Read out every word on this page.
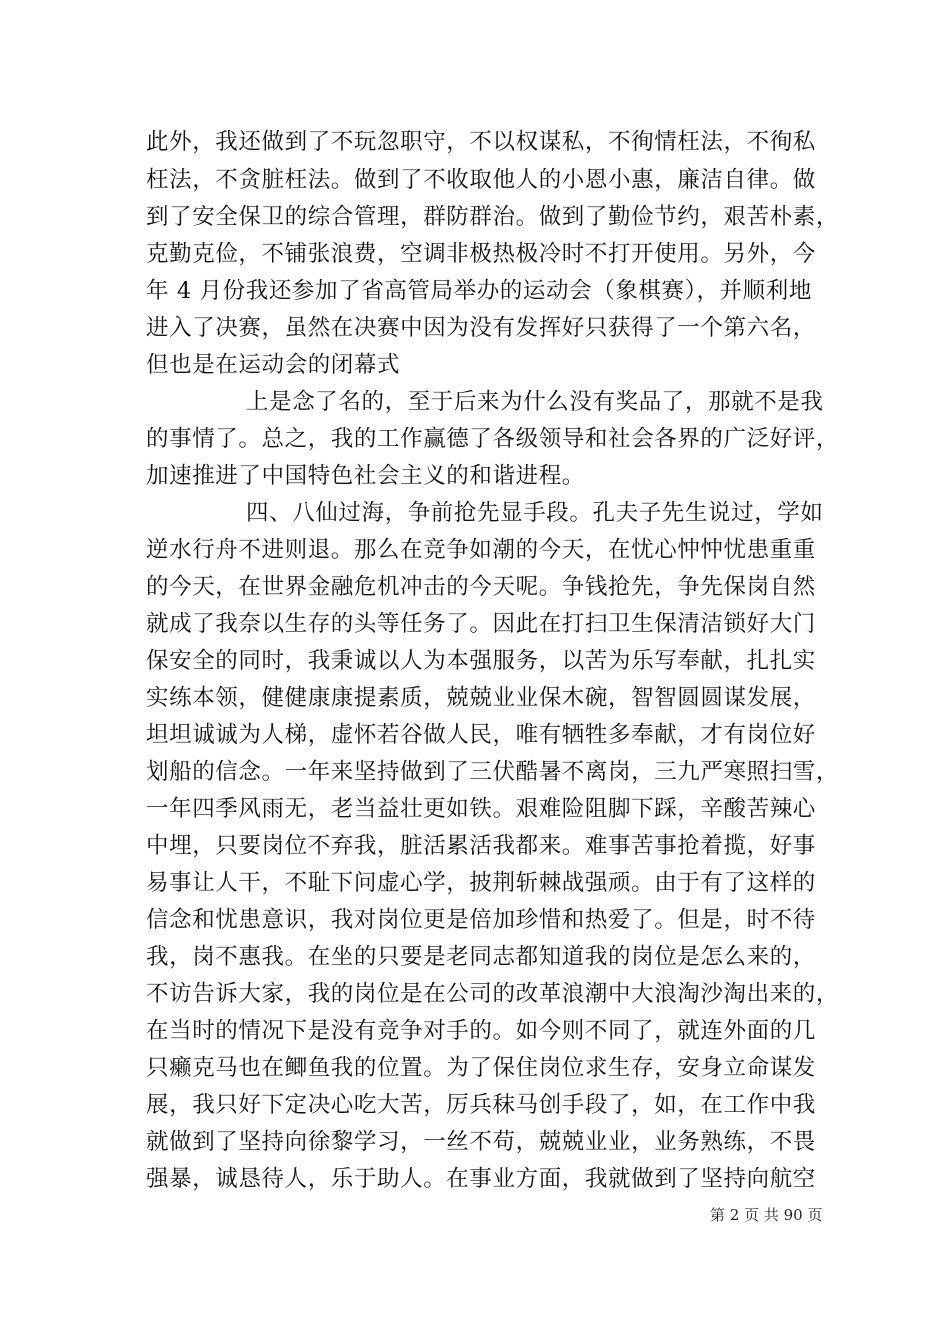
此外，我还做到了不玩忽职守，不以权谋私，不徇情枉法，不徇私
枉法，不贪脏枉法。做到了不收取他人的小恩小惠，廉洁自律。做
到了安全保卫的综合管理，群防群治。做到了勤俭节约，艰苦朴素，
克勤克俭，不铺张浪费，空调非极热极冷时不打开使用。另外，今
年 4 月份我还参加了省高管局举办的运动会（象棋赛），并顺利地
进入了决赛，虽然在决赛中因为没有发挥好只获得了一个第六名，
但也是在运动会的闭幕式
上是念了名的，至于后来为什么没有奖品了，那就不是我
的事情了。总之，我的工作赢德了各级领导和社会各界的广泛好评，
加速推进了中国特色社会主义的和谐进程。
四、八仙过海，争前抢先显手段。孔夫子先生说过，学如
逆水行舟不进则退。那么在竞争如潮的今天，在忧心忡忡忧患重重
的今天，在世界金融危机冲击的今天呢。争钱抢先，争先保岗自然
就成了我奈以生存的头等任务了。因此在打扫卫生保清洁锁好大门
保安全的同时，我秉诚以人为本强服务，以苦为乐写奉献，扎扎实
实练本领，健健康康提素质，兢兢业业保木碗，智智圆圆谋发展，
坦坦诚诚为人梯，虚怀若谷做人民，唯有牺牲多奉献，才有岗位好
划船的信念。一年来坚持做到了三伏酷暑不离岗，三九严寒照扫雪，
一年四季风雨无，老当益壮更如铁。艰难险阻脚下踩，辛酸苦辣心
中埋，只要岗位不弃我，脏活累活我都来。难事苦事抢着揽，好事
易事让人干，不耻下问虚心学，披荆斩棘战强顽。由于有了这样的
信念和忧患意识，我对岗位更是倍加珍惜和热爱了。但是，时不待
我，岗不惠我。在坐的只要是老同志都知道我的岗位是怎么来的，
不访告诉大家，我的岗位是在公司的改革浪潮中大浪淘沙淘出来的，
在当时的情况下是没有竞争对手的。如今则不同了，就连外面的几
只癞克马也在鲫鱼我的位置。为了保住岗位求生存，安身立命谋发
展，我只好下定决心吃大苦，厉兵秣马创手段了，如，在工作中我
就做到了坚持向徐黎学习，一丝不苟，兢兢业业，业务熟练，不畏
强暴，诚恳待人，乐于助人。在事业方面，我就做到了坚持向航空
第 2 页 共 90 页
